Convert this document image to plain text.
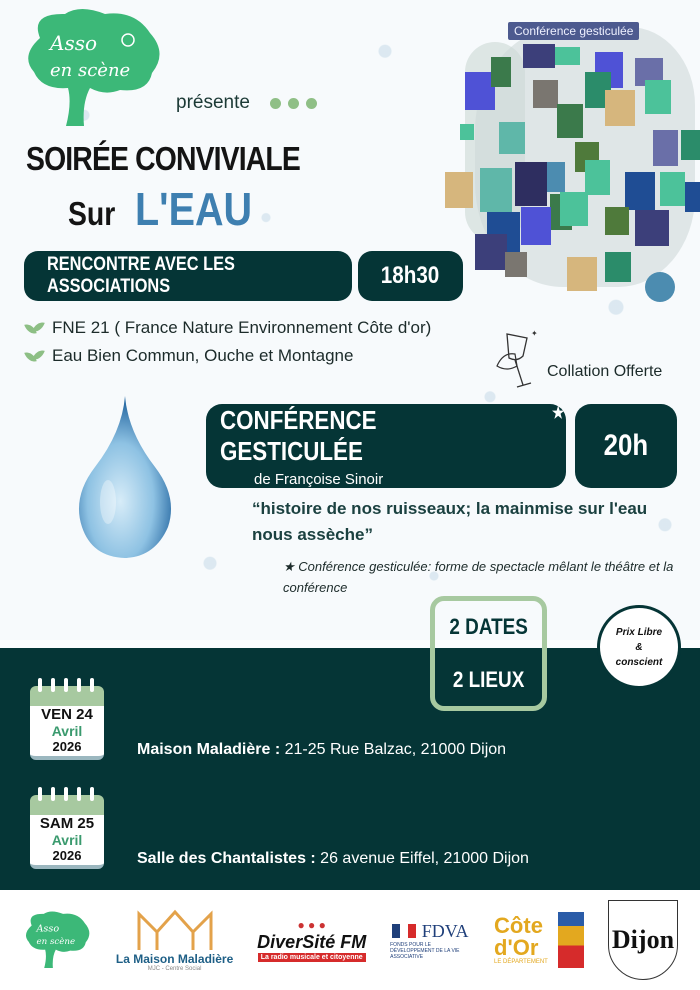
Asso
en scène
présente
SOIRÉE CONVIVIALE
Sur L'EAU
Conférence gesticulée
RENCONTRE AVEC LES ASSOCIATIONS	18h30
FNE 21 ( France Nature Environnement Côte d'or)
Eau Bien Commun, Ouche et Montagne
✦
Collation Offerte
CONFÉRENCE GESTICULÉE
★
de Françoise Sinoir
20h
“histoire de nos ruisseaux; la mainmise sur l'eau nous assèche”
★ Conférence gesticulée: forme de spectacle mêlant le théâtre et la conférence
2 DATES
2 LIEUX
Prix Libre
&
conscient
VEN 24
Avril
2026	Maison Maladière : 21-25 Rue Balzac, 21000 Dijon
SAM 25
Avril
2026	Salle des Chantalistes : 26 avenue Eiffel, 21000 Dijon
Asso
en scène
La Maison Maladière
MJC - Centre Social
● ● ●
DiverSité FM
La radio musicale et citoyenne
FDVA
FONDS POUR LE DÉVELOPPEMENT DE LA VIE ASSOCIATIVE
Côte d'Or
LE DÉPARTEMENT
Dijon
